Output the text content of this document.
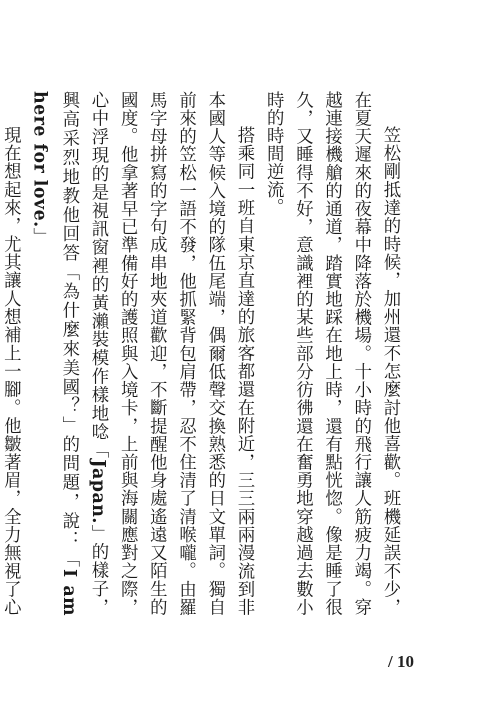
笠松剛抵達的時候，加州還不怎麼討他喜歡。班機延誤不少，在夏天遲來的夜幕中降落於機場。十小時的飛行讓人筋疲力竭。穿越連接機艙的通道，踏實地踩在地上時，還有點恍惚。像是睡了很久，又睡得不好，意識裡的某些部分彷彿還在奮勇地穿越過去數小時的時間逆流。

搭乘同一班自東京直達的旅客都還在附近，三三兩兩漫流到非本國人等候入境的隊伍尾端，偶爾低聲交換熟悉的日文單詞。獨自前來的笠松一語不發，他抓緊背包肩帶，忍不住清了清喉嚨。由羅馬字母拼寫的字句成串地夾道歡迎，不斷提醒他身處遙遠又陌生的國度。他拿著早已準備好的護照與入境卡，上前與海關應對之際，心中浮現的是視訊窗裡的黃瀨裝模作樣地唸「Japan.」的樣子，興高采烈地教他回答「為什麼來美國？」的問題，說：「I am here for love.」

現在想起來，尤其讓人想補上一腳。他皺著眉，全力無視了心

/ 10
